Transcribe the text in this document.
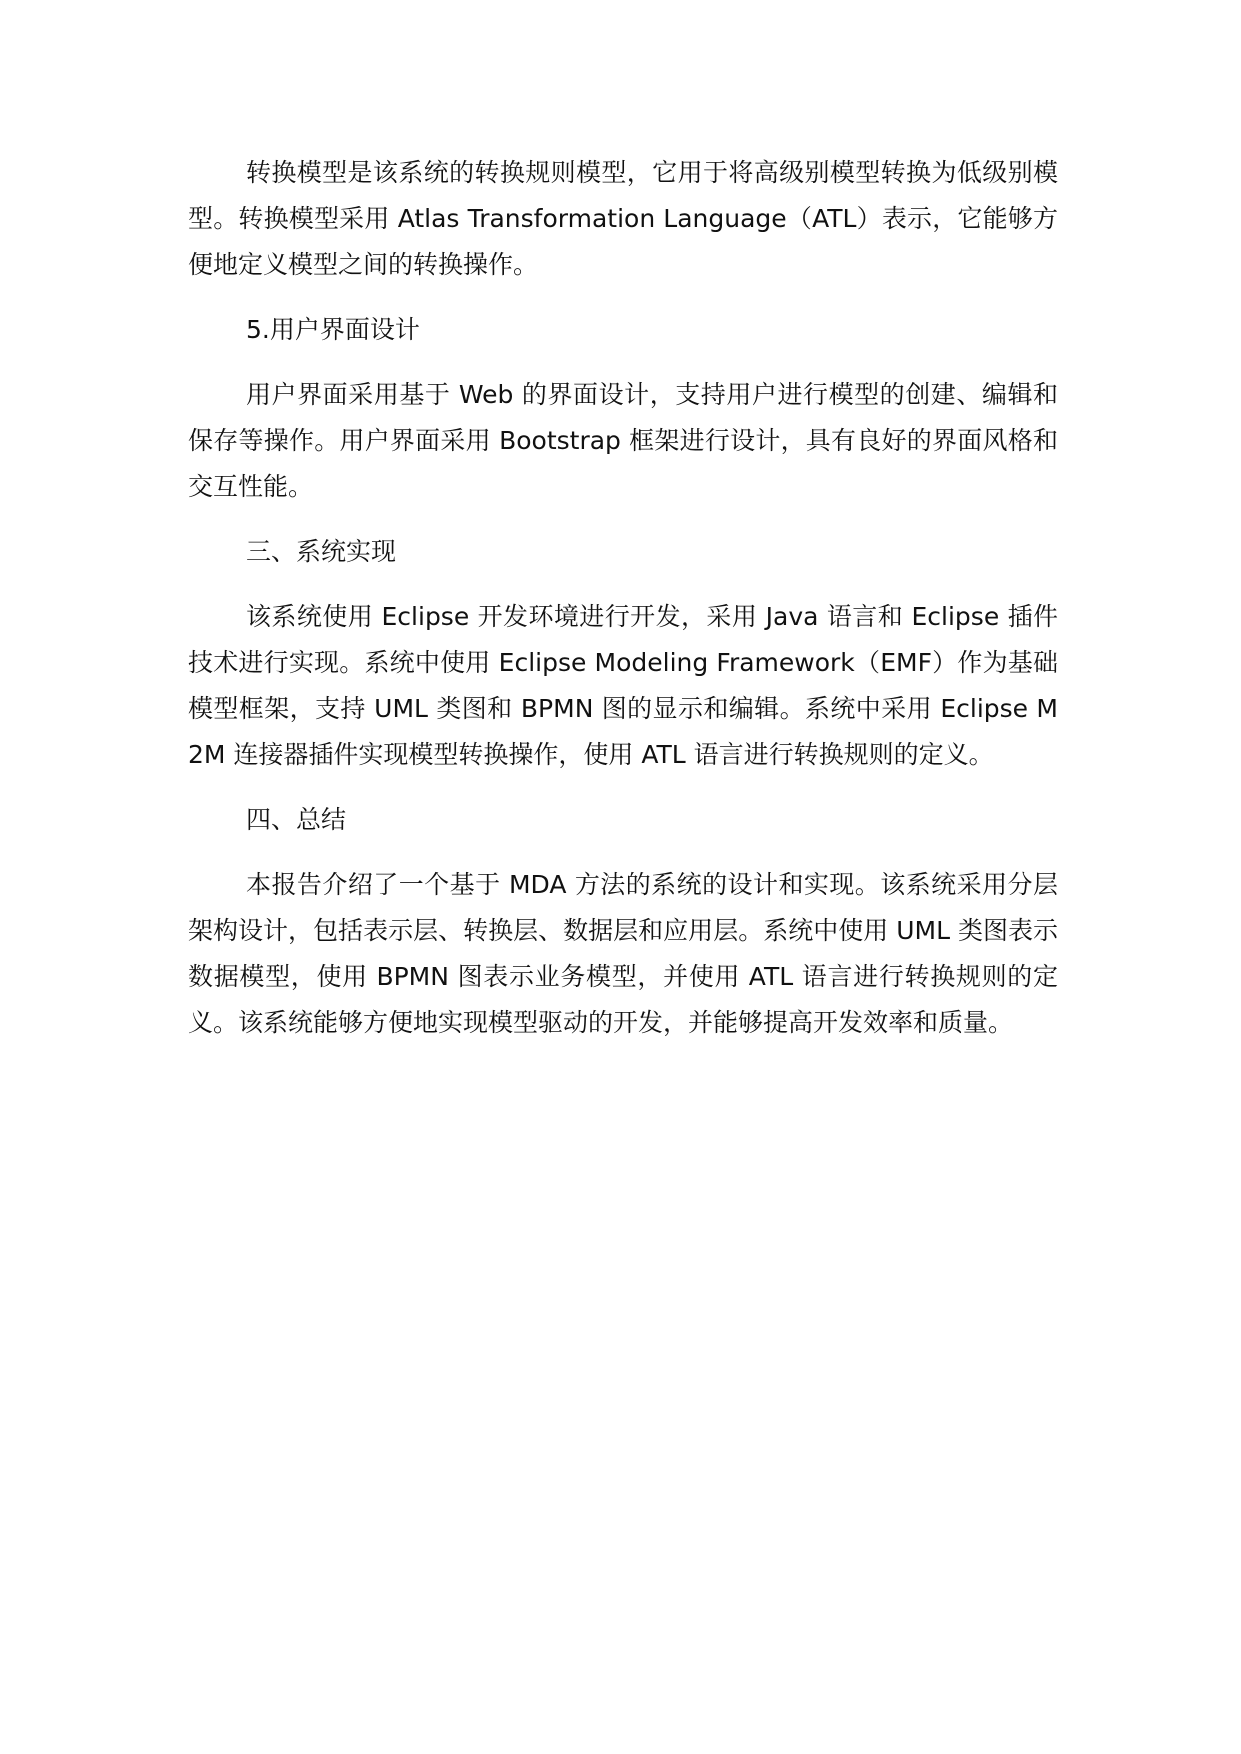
转换模型是该系统的转换规则模型，它用于将高级别模型转换为低级别模型。转换模型采用 Atlas Transformation Language（ATL）表示，它能够方便地定义模型之间的转换操作。

5.用户界面设计

用户界面采用基于 Web 的界面设计，支持用户进行模型的创建、编辑和保存等操作。用户界面采用 Bootstrap 框架进行设计，具有良好的界面风格和交互性能。

三、系统实现

该系统使用 Eclipse 开发环境进行开发，采用 Java 语言和 Eclipse 插件技术进行实现。系统中使用 Eclipse Modeling Framework（EMF）作为基础模型框架，支持 UML 类图和 BPMN 图的显示和编辑。系统中采用 Eclipse M2M 连接器插件实现模型转换操作，使用 ATL 语言进行转换规则的定义。

四、总结

本报告介绍了一个基于 MDA 方法的系统的设计和实现。该系统采用分层架构设计，包括表示层、转换层、数据层和应用层。系统中使用 UML 类图表示数据模型，使用 BPMN 图表示业务模型，并使用 ATL 语言进行转换规则的定义。该系统能够方便地实现模型驱动的开发，并能够提高开发效率和质量。
